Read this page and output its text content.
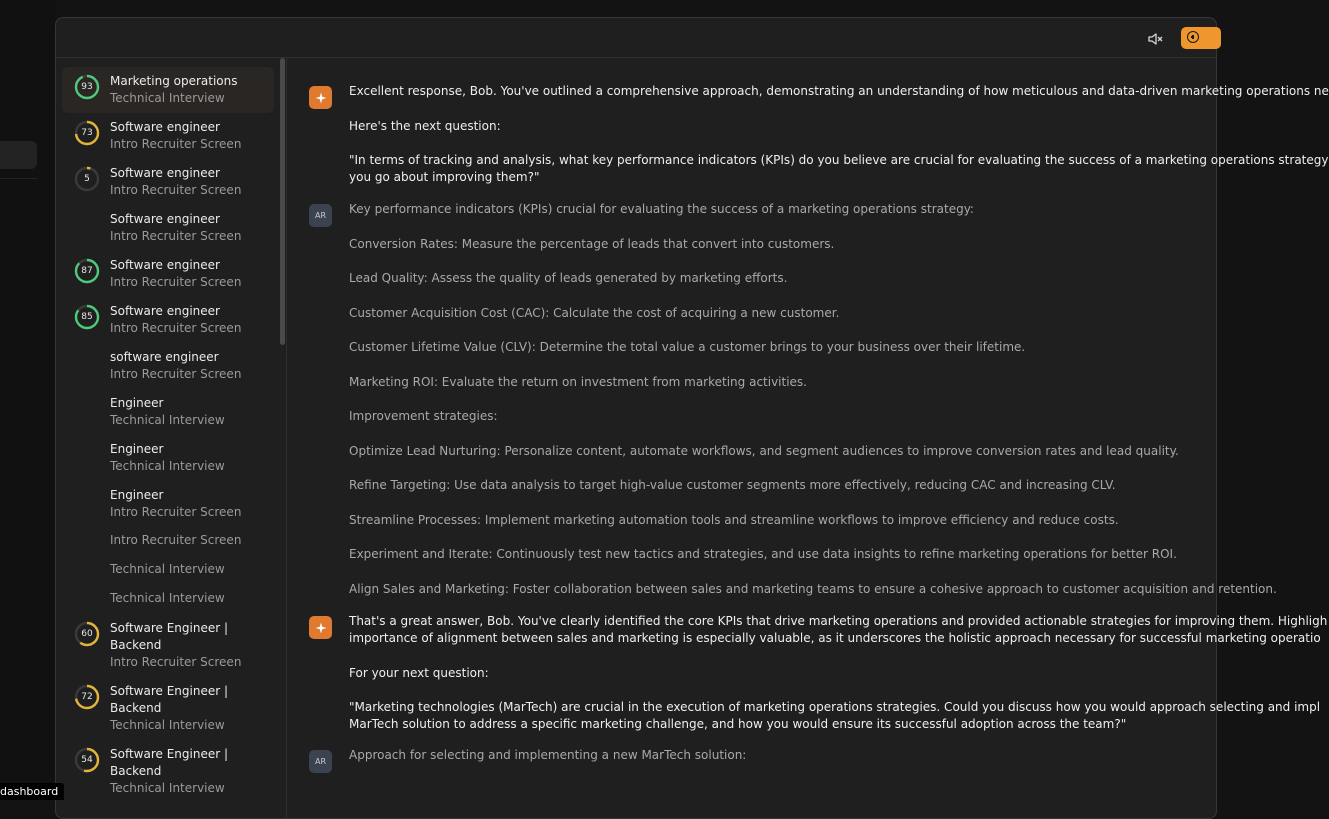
93	Marketing operations
Technical Interview
73	Software engineer
Intro Recruiter Screen
5	Software engineer
Intro Recruiter Screen
Software engineer
Intro Recruiter Screen
87	Software engineer
Intro Recruiter Screen
85	Software engineer
Intro Recruiter Screen
software engineer
Intro Recruiter Screen
Engineer
Technical Interview
Engineer
Technical Interview
Engineer
Intro Recruiter Screen
Intro Recruiter Screen
Technical Interview
Technical Interview
60	Software Engineer |
Backend
Intro Recruiter Screen
72	Software Engineer |
Backend
Technical Interview
54	Software Engineer |
Backend
Technical Interview

Excellent response, Bob. You've outlined a comprehensive approach, demonstrating an understanding of how meticulous and data-driven marketing operations ne

Here's the next question:

"In terms of tracking and analysis, what key performance indicators (KPIs) do you believe are crucial for evaluating the success of a marketing operations strategy

you go about improving them?"

AR	Key performance indicators (KPIs) crucial for evaluating the success of a marketing operations strategy:

Conversion Rates: Measure the percentage of leads that convert into customers.

Lead Quality: Assess the quality of leads generated by marketing efforts.

Customer Acquisition Cost (CAC): Calculate the cost of acquiring a new customer.

Customer Lifetime Value (CLV): Determine the total value a customer brings to your business over their lifetime.

Marketing ROI: Evaluate the return on investment from marketing activities.

Improvement strategies:

Optimize Lead Nurturing: Personalize content, automate workflows, and segment audiences to improve conversion rates and lead quality.

Refine Targeting: Use data analysis to target high-value customer segments more effectively, reducing CAC and increasing CLV.

Streamline Processes: Implement marketing automation tools and streamline workflows to improve efficiency and reduce costs.

Experiment and Iterate: Continuously test new tactics and strategies, and use data insights to refine marketing operations for better ROI.

Align Sales and Marketing: Foster collaboration between sales and marketing teams to ensure a cohesive approach to customer acquisition and retention.

That's a great answer, Bob. You've clearly identified the core KPIs that drive marketing operations and provided actionable strategies for improving them. Highligh

importance of alignment between sales and marketing is especially valuable, as it underscores the holistic approach necessary for successful marketing operatio

For your next question:

"Marketing technologies (MarTech) are crucial in the execution of marketing operations strategies. Could you discuss how you would approach selecting and impl

MarTech solution to address a specific marketing challenge, and how you would ensure its successful adoption across the team?"

AR	Approach for selecting and implementing a new MarTech solution:

dashboard
